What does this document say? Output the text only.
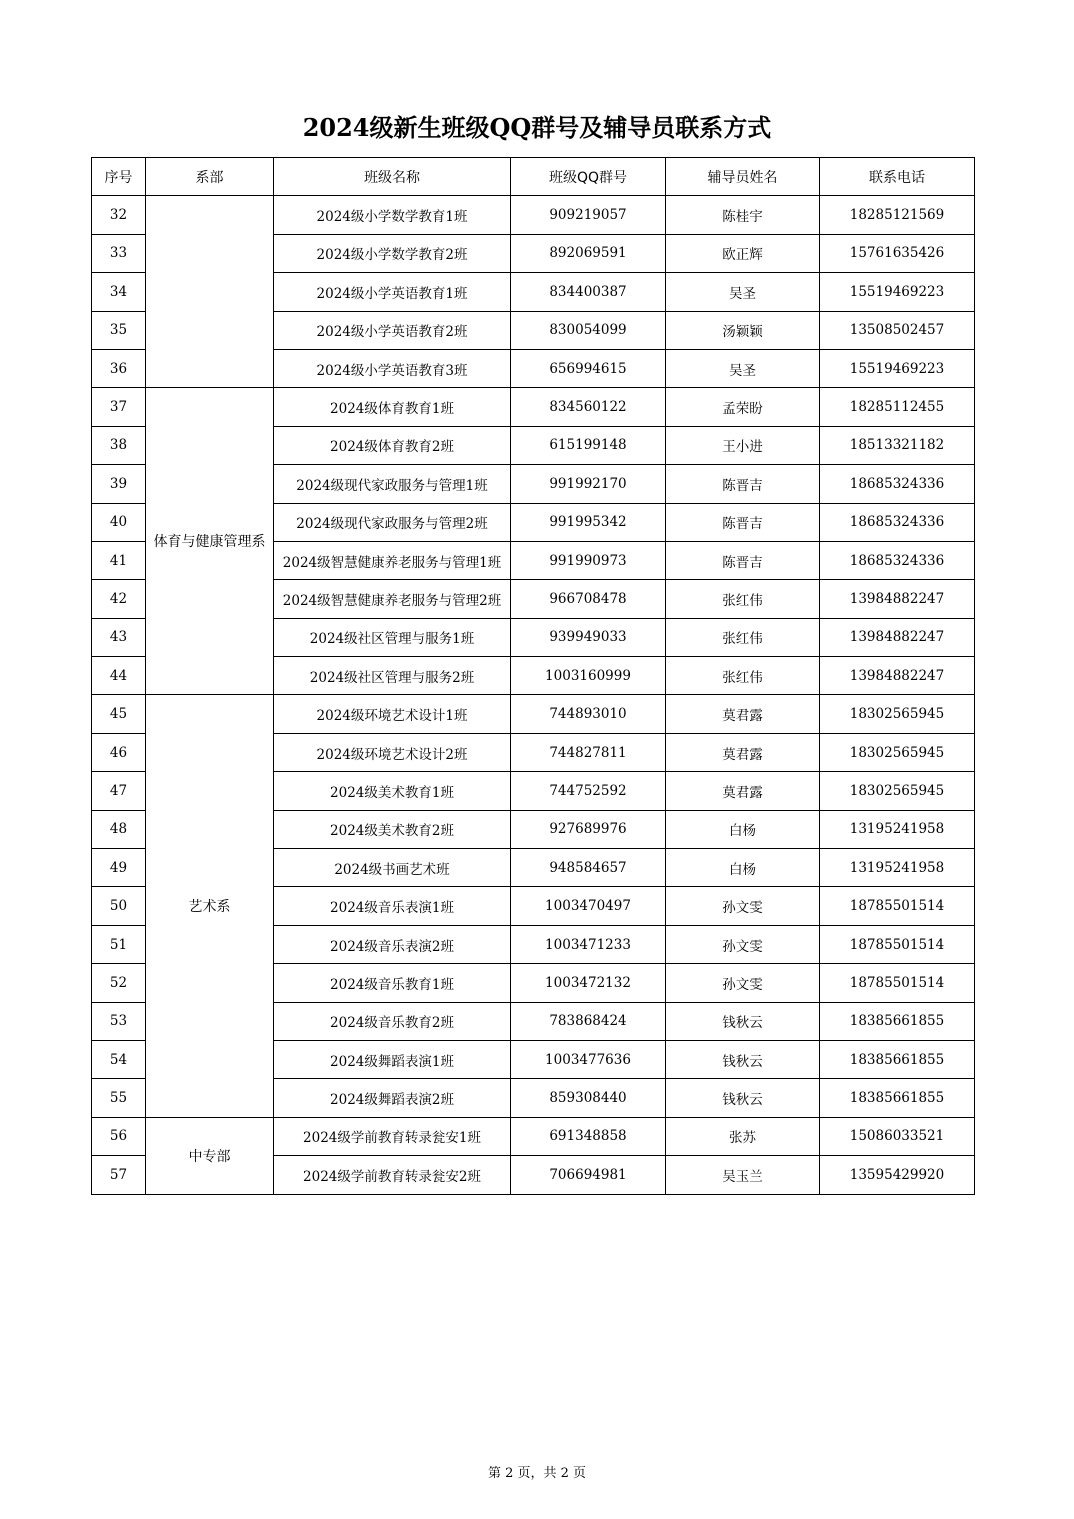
2024级新生班级QQ群号及辅导员联系方式
序号	系部	班级名称	班级QQ群号	辅导员姓名	联系电话
32		2024级小学数学教育1班	909219057	陈桂宇	18285121569
33		2024级小学数学教育2班	892069591	欧正辉	15761635426
34		2024级小学英语教育1班	834400387	吴圣	15519469223
35		2024级小学英语教育2班	830054099	汤颖颖	13508502457
36		2024级小学英语教育3班	656994615	吴圣	15519469223
37	体育与健康管理系	2024级体育教育1班	834560122	孟荣盼	18285112455
38		2024级体育教育2班	615199148	王小进	18513321182
39		2024级现代家政服务与管理1班	991992170	陈晋吉	18685324336
40		2024级现代家政服务与管理2班	991995342	陈晋吉	18685324336
41		2024级智慧健康养老服务与管理1班	991990973	陈晋吉	18685324336
42		2024级智慧健康养老服务与管理2班	966708478	张红伟	13984882247
43		2024级社区管理与服务1班	939949033	张红伟	13984882247
44		2024级社区管理与服务2班	1003160999	张红伟	13984882247
45	艺术系	2024级环境艺术设计1班	744893010	莫君露	18302565945
46		2024级环境艺术设计2班	744827811	莫君露	18302565945
47		2024级美术教育1班	744752592	莫君露	18302565945
48		2024级美术教育2班	927689976	白杨	13195241958
49		2024级书画艺术班	948584657	白杨	13195241958
50		2024级音乐表演1班	1003470497	孙文雯	18785501514
51		2024级音乐表演2班	1003471233	孙文雯	18785501514
52		2024级音乐教育1班	1003472132	孙文雯	18785501514
53		2024级音乐教育2班	783868424	钱秋云	18385661855
54		2024级舞蹈表演1班	1003477636	钱秋云	18385661855
55		2024级舞蹈表演2班	859308440	钱秋云	18385661855
56	中专部	2024级学前教育转录瓮安1班	691348858	张苏	15086033521
57		2024级学前教育转录瓮安2班	706694981	吴玉兰	13595429920
第 2 页，共 2 页
